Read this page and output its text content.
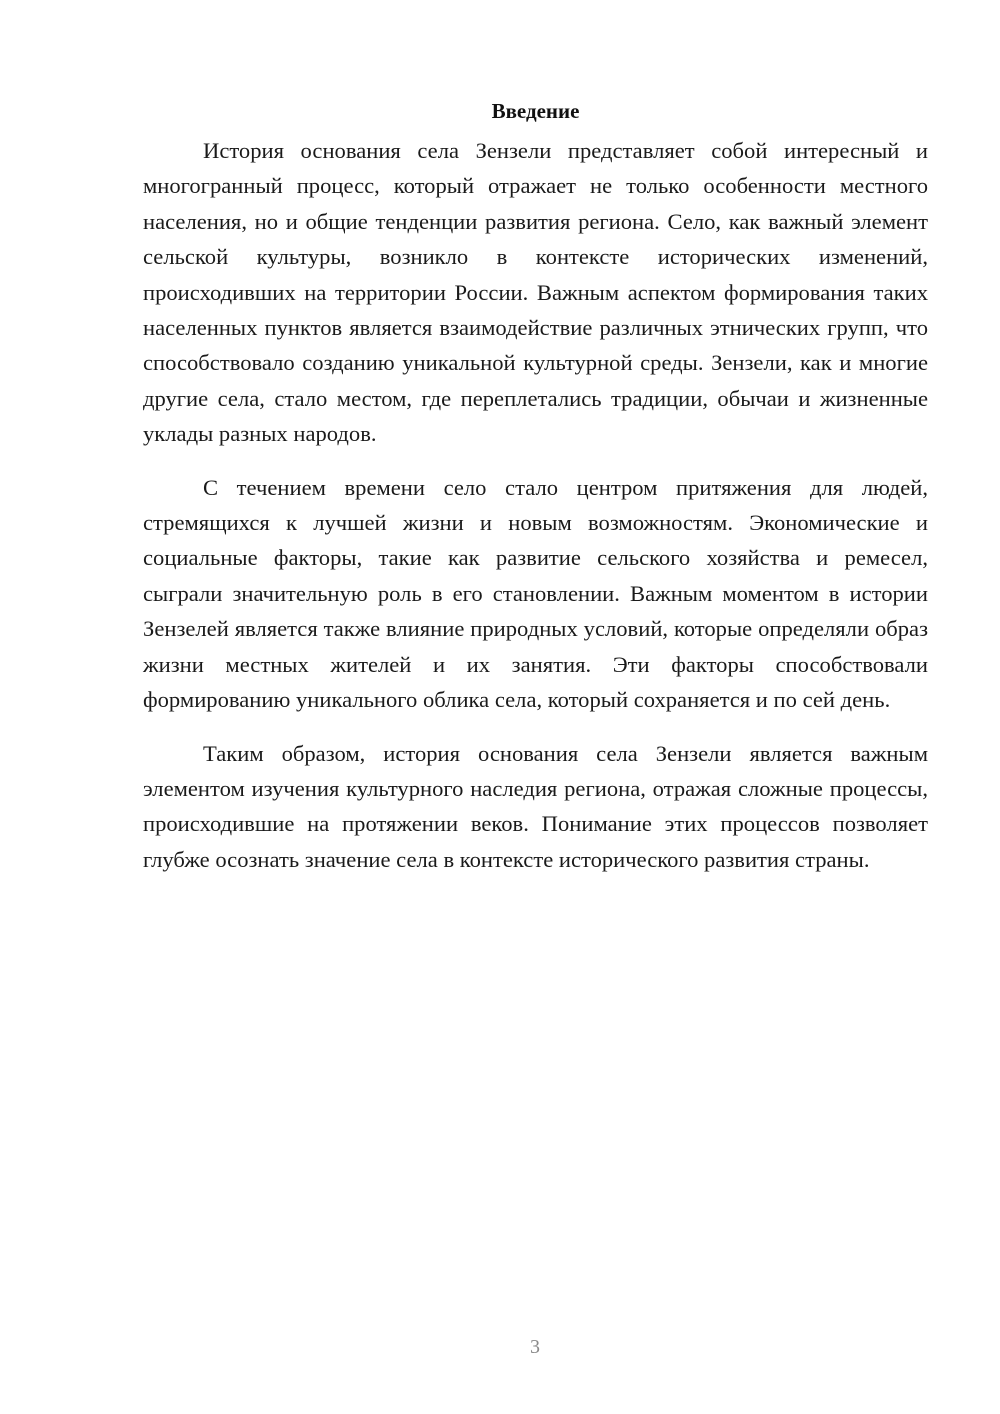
Введение

История основания села Зензели представляет собой интересный и многогранный процесс, который отражает не только особенности местного населения, но и общие тенденции развития региона. Село, как важный элемент сельской культуры, возникло в контексте исторических изменений, происходивших на территории России. Важным аспектом формирования таких населенных пунктов является взаимодействие различных этнических групп, что способствовало созданию уникальной культурной среды. Зензели, как и многие другие села, стало местом, где переплетались традиции, обычаи и жизненные уклады разных народов.

С течением времени село стало центром притяжения для людей, стремящихся к лучшей жизни и новым возможностям. Экономические и социальные факторы, такие как развитие сельского хозяйства и ремесел, сыграли значительную роль в его становлении. Важным моментом в истории Зензелей является также влияние природных условий, которые определяли образ жизни местных жителей и их занятия. Эти факторы способствовали формированию уникального облика села, который сохраняется и по сей день.

Таким образом, история основания села Зензели является важным элементом изучения культурного наследия региона, отражая сложные процессы, происходившие на протяжении веков. Понимание этих процессов позволяет глубже осознать значение села в контексте исторического развития страны.

3
